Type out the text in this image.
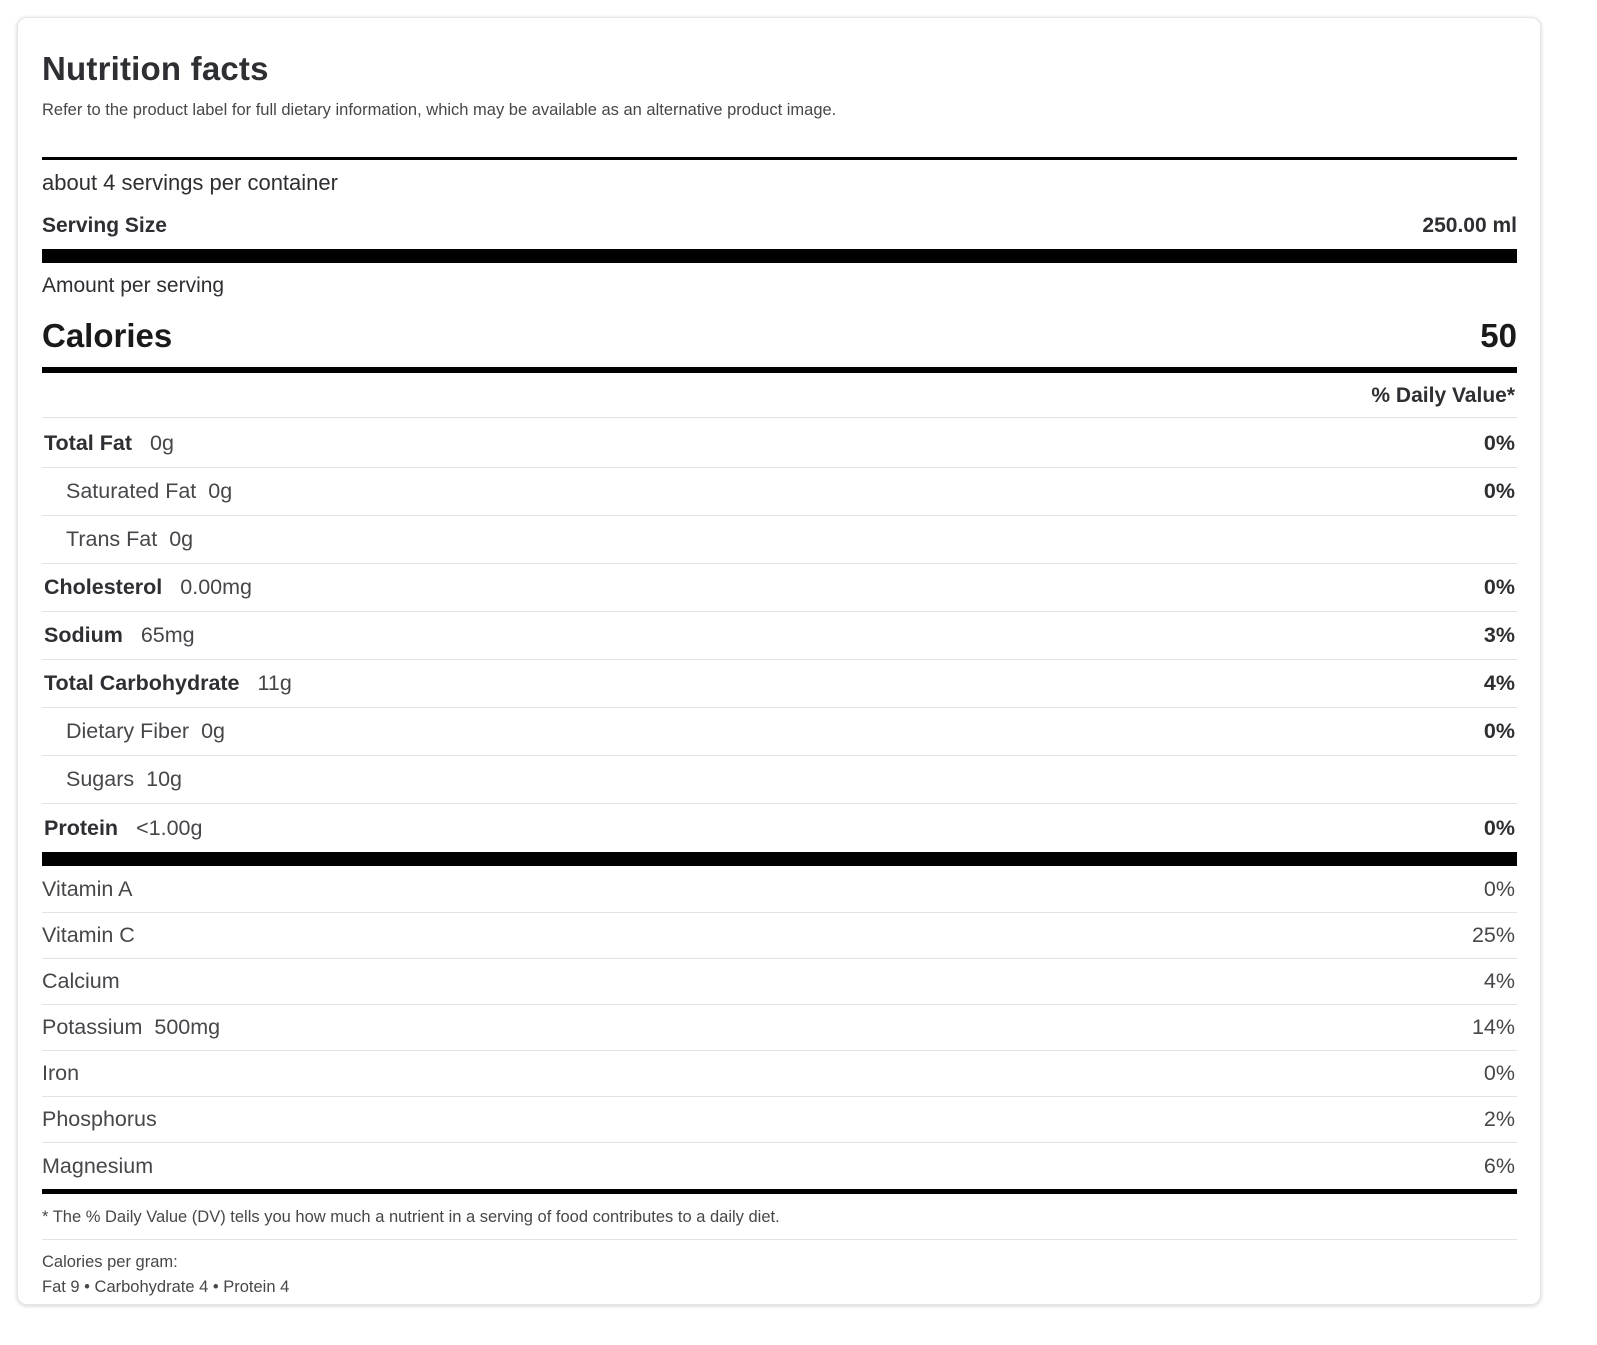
Nutrition facts
Refer to the product label for full dietary information, which may be available as an alternative product image.
about 4 servings per container
Serving Size	250.00 ml
Amount per serving
Calories	50
% Daily Value*
Total Fat 0g	0%
Saturated Fat 0g	0%
Trans Fat 0g
Cholesterol 0.00mg	0%
Sodium 65mg	3%
Total Carbohydrate 11g	4%
Dietary Fiber 0g	0%
Sugars 10g
Protein <1.00g	0%
Vitamin A	0%
Vitamin C	25%
Calcium	4%
Potassium 500mg	14%
Iron	0%
Phosphorus	2%
Magnesium	6%
* The % Daily Value (DV) tells you how much a nutrient in a serving of food contributes to a daily diet.
Calories per gram:
Fat 9 • Carbohydrate 4 • Protein 4
